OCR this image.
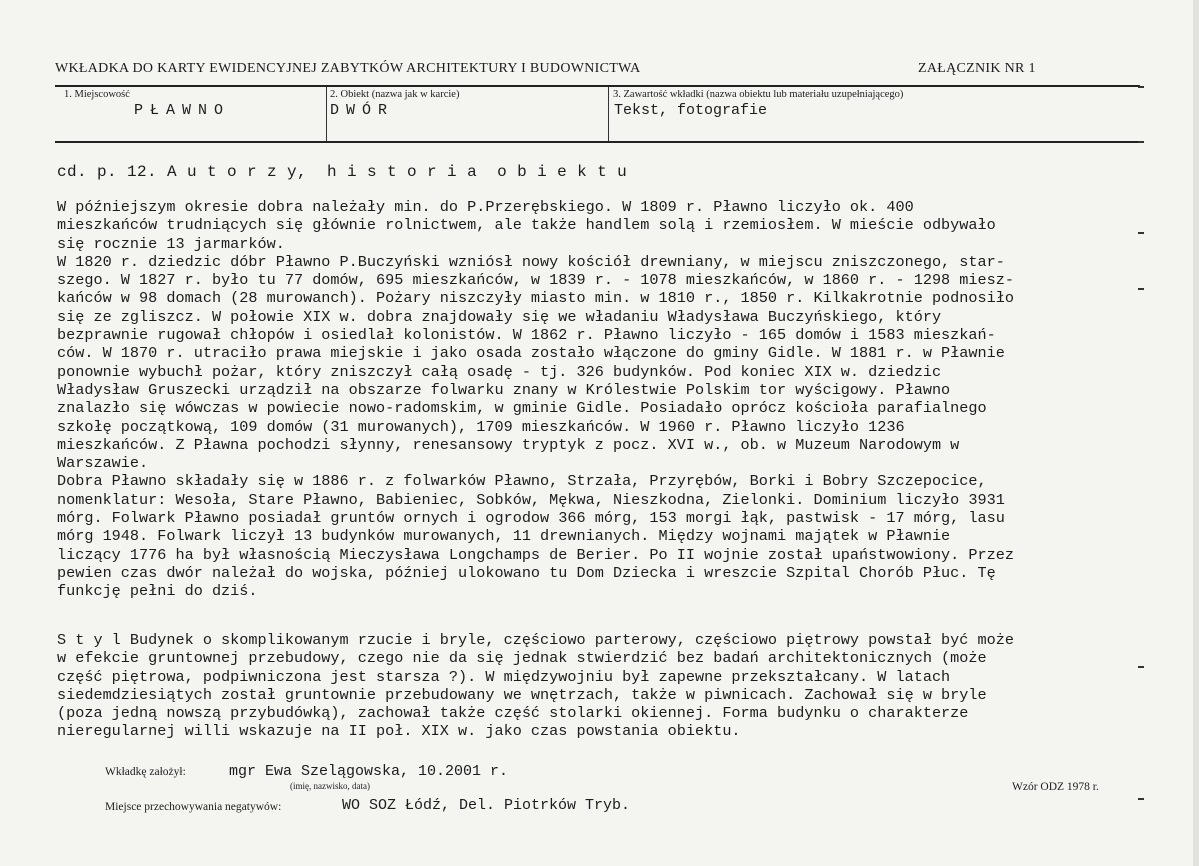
WKŁADKA DO KARTY EWIDENCYJNEJ ZABYTKÓW ARCHITEKTURY I BUDOWNICTWA	ZAŁĄCZNIK NR 1
1. Miejscowość
PŁAWNO
2. Obiekt (nazwa jak w karcie)
DWÓR
3. Zawartość wkładki (nazwa obiektu lub materiału uzupełniającego)
Tekst, fotografie
cd. p. 12. A u t o r z y,  h i s t o r i a  o b i e k t u
W późniejszym okresie dobra należały min. do P.Przerębskiego. W 1809 r. Pławno liczyło ok. 400
mieszkańców trudniących się głównie rolnictwem, ale także handlem solą i rzemiosłem. W mieście odbywało
się rocznie 13 jarmarków.
W 1820 r. dziedzic dóbr Pławno P.Buczyński wzniósł nowy kościół drewniany, w miejscu zniszczonego, star-
szego. W 1827 r. było tu 77 domów, 695 mieszkańców, w 1839 r. - 1078 mieszkańców, w 1860 r. - 1298 miesz-
kańców w 98 domach (28 murowanch). Pożary niszczyły miasto min. w 1810 r., 1850 r. Kilkakrotnie podnosiło
się ze zgliszcz. W połowie XIX w. dobra znajdowały się we władaniu Władysława Buczyńskiego, który
bezprawnie rugował chłopów i osiedlał kolonistów. W 1862 r. Pławno liczyło - 165 domów i 1583 mieszkań-
ców. W 1870 r. utraciło prawa miejskie i jako osada zostało włączone do gminy Gidle. W 1881 r. w Pławnie
ponownie wybuchł pożar, który zniszczył całą osadę - tj. 326 budynków. Pod koniec XIX w. dziedzic
Władysław Gruszecki urządził na obszarze folwarku znany w Królestwie Polskim tor wyścigowy. Pławno
znalazło się wówczas w powiecie nowo-radomskim, w gminie Gidle. Posiadało oprócz kościoła parafialnego
szkołę początkową, 109 domów (31 murowanych), 1709 mieszkańców. W 1960 r. Pławno liczyło 1236
mieszkańców. Z Pławna pochodzi słynny, renesansowy tryptyk z pocz. XVI w., ob. w Muzeum Narodowym w
Warszawie.
Dobra Pławno składały się w 1886 r. z folwarków Pławno, Strzała, Przyrębów, Borki i Bobry Szczepocice,
nomenklatur: Wesoła, Stare Pławno, Babieniec, Sobków, Mękwa, Nieszkodna, Zielonki. Dominium liczyło 3931
mórg. Folwark Pławno posiadał gruntów ornych i ogrodow 366 mórg, 153 morgi łąk, pastwisk - 17 mórg, lasu
mórg 1948. Folwark liczył 13 budynków murowanych, 11 drewnianych. Między wojnami majątek w Pławnie
liczący 1776 ha był własnością Mieczysława Longchamps de Berier. Po II wojnie został upaństwowiony. Przez
pewien czas dwór należał do wojska, później ulokowano tu Dom Dziecka i wreszcie Szpital Chorób Płuc. Tę
funkcję pełni do dziś.
S t y l Budynek o skomplikowanym rzucie i bryle, częściowo parterowy, częściowo piętrowy powstał być może
w efekcie gruntownej przebudowy, czego nie da się jednak stwierdzić bez badań architektonicznych (może
część piętrowa, podpiwniczona jest starsza ?). W międzywojniu był zapewne przekształcany. W latach
siedemdziesiątych został gruntownie przebudowany we wnętrzach, także w piwnicach. Zachował się w bryle
(poza jedną nowszą przybudówką), zachował także część stolarki okiennej. Forma budynku o charakterze
nieregularnej willi wskazuje na II poł. XIX w. jako czas powstania obiektu.
Wkładkę założył:	mgr Ewa Szelągowska, 10.2001 r.
(imię, nazwisko, data)	Wzór ODZ 1978 r.
Miejsce przechowywania negatywów:	WO SOZ Łódź, Del. Piotrków Tryb.
